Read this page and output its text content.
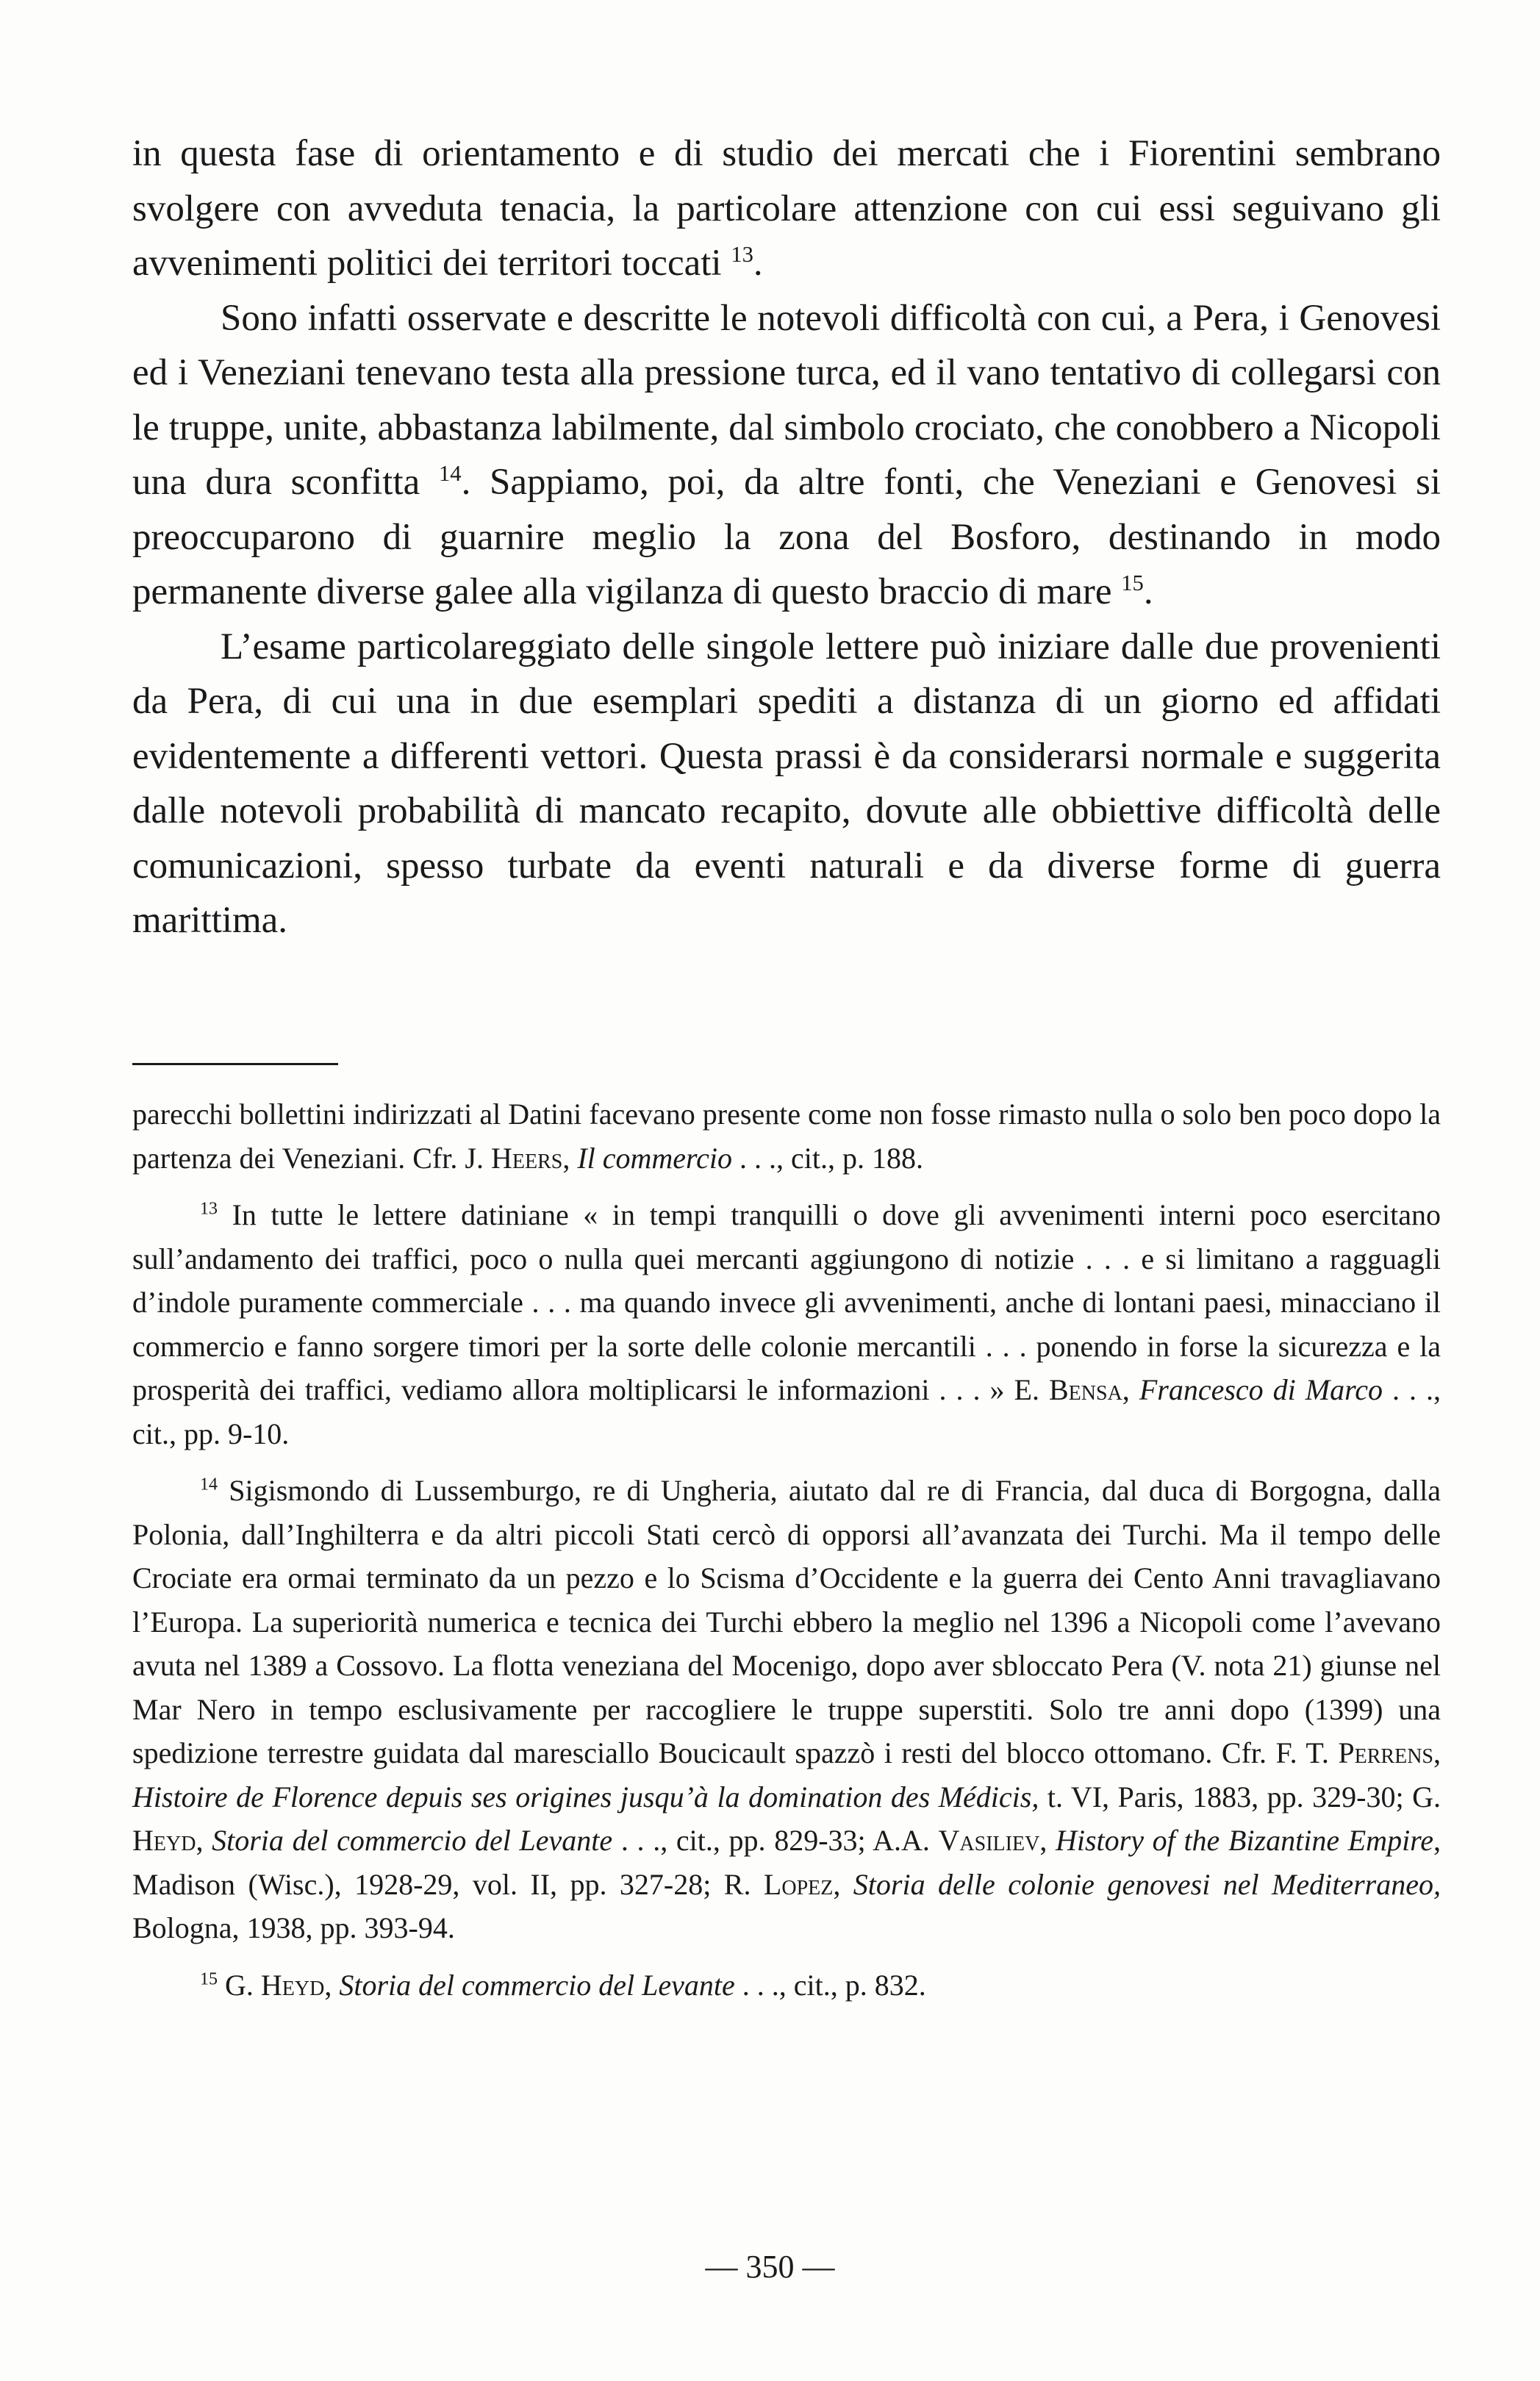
in questa fase di orientamento e di studio dei mercati che i Fiorentini sembrano svolgere con avveduta tenacia, la particolare attenzione con cui essi seguivano gli avvenimenti politici dei territori toccati $^{13}$.

Sono infatti osservate e descritte le notevoli difficoltà con cui, a Pera, i Genovesi ed i Veneziani tenevano testa alla pressione turca, ed il vano tentativo di collegarsi con le truppe, unite, abbastanza labilmente, dal simbolo crociato, che conobbero a Nicopoli una dura sconfitta $^{14}$. Sappiamo, poi, da altre fonti, che Veneziani e Genovesi si preoccuparono di guarnire meglio la zona del Bosforo, destinando in modo permanente diverse galee alla vigilanza di questo braccio di mare $^{15}$.

L’esame particolareggiato delle singole lettere può iniziare dalle due provenienti da Pera, di cui una in due esemplari spediti a distanza di un giorno ed affidati evidentemente a differenti vettori. Questa prassi è da considerarsi normale e suggerita dalle notevoli probabilità di mancato recapito, dovute alle obbiettive difficoltà delle comunicazioni, spesso turbate da eventi naturali e da diverse forme di guerra marittima.

parecchi bollettini indirizzati al Datini facevano presente come non fosse rimasto nulla o solo ben poco dopo la partenza dei Veneziani. Cfr. J. Heers, Il commercio . . ., cit., p. 188.

$^{13}$ In tutte le lettere datiniane « in tempi tranquilli o dove gli avvenimenti interni poco esercitano sull’andamento dei traffici, poco o nulla quei mercanti aggiungono di notizie . . . e si limitano a ragguagli d’indole puramente commerciale . . . ma quando invece gli avvenimenti, anche di lontani paesi, minacciano il commercio e fanno sorgere timori per la sorte delle colonie mercantili . . . ponendo in forse la sicurezza e la prosperità dei traffici, vediamo allora moltiplicarsi le informazioni . . . » E. Bensa, Francesco di Marco . . ., cit., pp. 9-10.

$^{14}$ Sigismondo di Lussemburgo, re di Ungheria, aiutato dal re di Francia, dal duca di Borgogna, dalla Polonia, dall’Inghilterra e da altri piccoli Stati cercò di opporsi all’avanzata dei Turchi. Ma il tempo delle Crociate era ormai terminato da un pezzo e lo Scisma d’Occidente e la guerra dei Cento Anni travagliavano l’Europa. La superiorità numerica e tecnica dei Turchi ebbero la meglio nel 1396 a Nicopoli come l’avevano avuta nel 1389 a Cossovo. La flotta veneziana del Mocenigo, dopo aver sbloccato Pera (V. nota 21) giunse nel Mar Nero in tempo esclusivamente per raccogliere le truppe superstiti. Solo tre anni dopo (1399) una spedizione terrestre guidata dal maresciallo Boucicault spazzò i resti del blocco ottomano. Cfr. F. T. Perrens, Histoire de Florence depuis ses origines jusqu’à la domination des Médicis, t. VI, Paris, 1883, pp. 329-30; G. Heyd, Storia del commercio del Levante . . ., cit., pp. 829-33; A.A. Vasiliev, History of the Bizantine Empire, Madison (Wisc.), 1928-29, vol. II, pp. 327-28; R. Lopez, Storia delle colonie genovesi nel Mediterraneo, Bologna, 1938, pp. 393-94.

$^{15}$ G. Heyd, Storia del commercio del Levante . . ., cit., p. 832.

— 350 —
